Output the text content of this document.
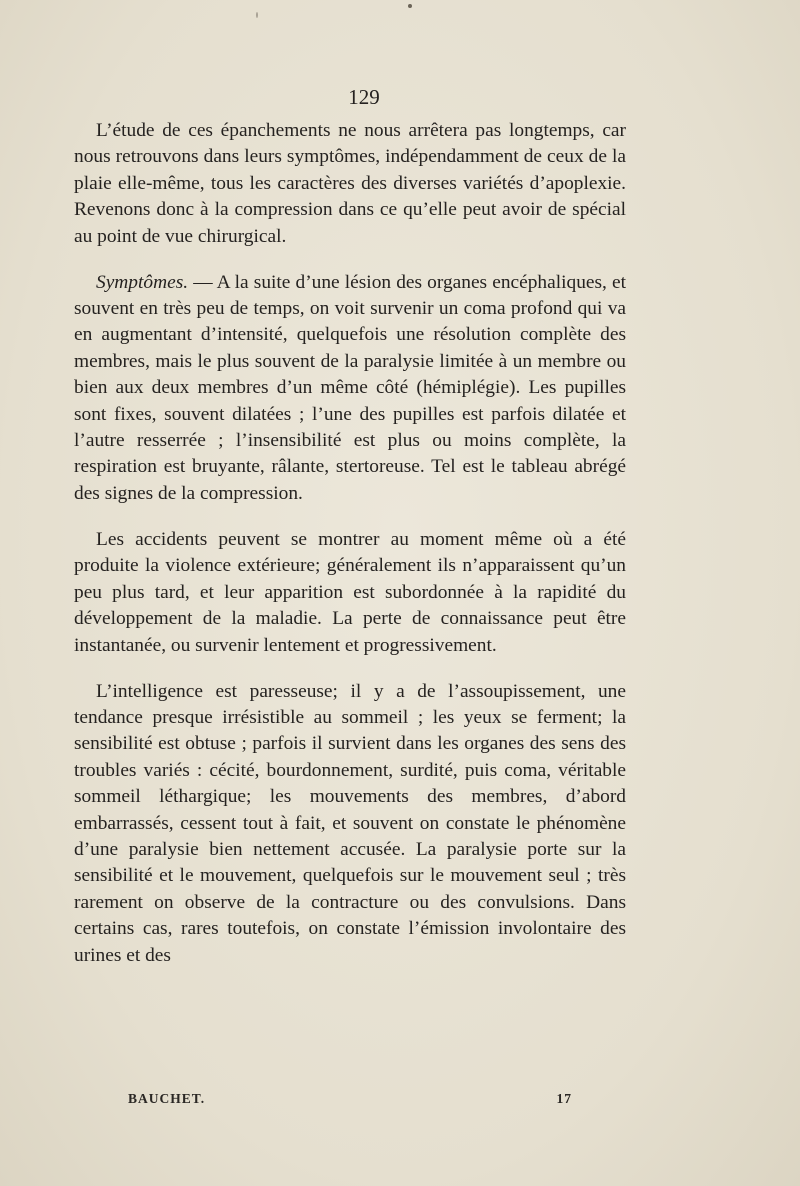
129

L’étude de ces épanchements ne nous arrêtera pas longtemps, car nous retrouvons dans leurs symptômes, indépendamment de ceux de la plaie elle-même, tous les caractères des diverses variétés d’apoplexie. Revenons donc à la compression dans ce qu’elle peut avoir de spécial au point de vue chirurgical.

Symptômes. — A la suite d’une lésion des organes encéphaliques, et souvent en très peu de temps, on voit survenir un coma profond qui va en augmentant d’intensité, quelquefois une résolution complète des membres, mais le plus souvent de la paralysie limitée à un membre ou bien aux deux membres d’un même côté (hémiplégie). Les pupilles sont fixes, souvent dilatées ; l’une des pupilles est parfois dilatée et l’autre resserrée ; l’insensibilité est plus ou moins complète, la respiration est bruyante, râlante, stertoreuse. Tel est le tableau abrégé des signes de la compression.

Les accidents peuvent se montrer au moment même où a été produite la violence extérieure; généralement ils n’apparaissent qu’un peu plus tard, et leur apparition est subordonnée à la rapidité du développement de la maladie. La perte de connaissance peut être instantanée, ou survenir lentement et progressivement.

L’intelligence est paresseuse; il y a de l’assoupissement, une tendance presque irrésistible au sommeil ; les yeux se ferment; la sensibilité est obtuse ; parfois il survient dans les organes des sens des troubles variés : cécité, bourdonnement, surdité, puis coma, véritable sommeil léthargique; les mouvements des membres, d’abord embarrassés, cessent tout à fait, et souvent on constate le phénomène d’une paralysie bien nettement accusée. La paralysie porte sur la sensibilité et le mouvement, quelquefois sur le mouvement seul ; très rarement on observe de la contracture ou des convulsions. Dans certains cas, rares toutefois, on constate l’émission involontaire des urines et des

BAUCHET.	17
